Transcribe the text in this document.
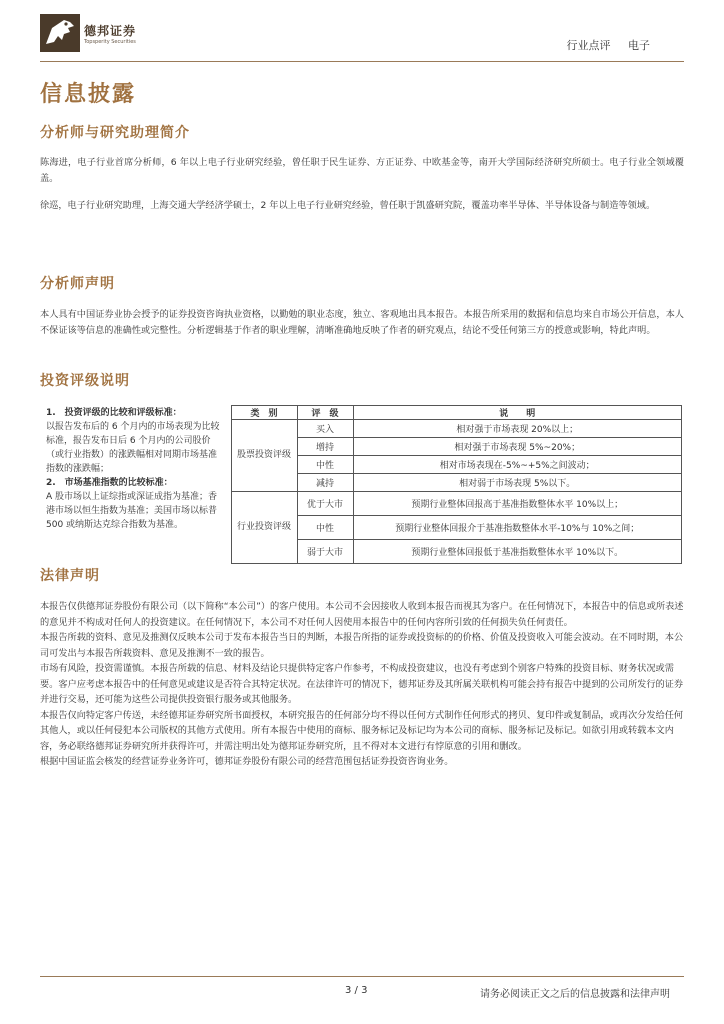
德邦证券
Topsperity Securities	行业点评 电子
信息披露
分析师与研究助理简介
陈海进，电子行业首席分析师，6 年以上电子行业研究经验，曾任职于民生证券、方正证券、中欧基金等，南开大学国际经济研究所硕士。电子行业全领域覆盖。
徐巡，电子行业研究助理，上海交通大学经济学硕士，2 年以上电子行业研究经验，曾任职于凯盛研究院，覆盖功率半导体、半导体设备与制造等领域。
分析师声明
本人具有中国证券业协会授予的证券投资咨询执业资格，以勤勉的职业态度，独立、客观地出具本报告。本报告所采用的数据和信息均来自市场公开信息，本人不保证该等信息的准确性或完整性。分析逻辑基于作者的职业理解，清晰准确地反映了作者的研究观点，结论不受任何第三方的授意或影响，特此声明。
投资评级说明
1.　投资评级的比较和评级标准：
以报告发布后的 6 个月内的市场表现为比较标准，报告发布日后 6 个月内的公司股价（或行业指数）的涨跌幅相对同期市场基准指数的涨跌幅；
2.　市场基准指数的比较标准：
A 股市场以上证综指或深证成指为基准；香港市场以恒生指数为基准；美国市场以标普 500 或纳斯达克综合指数为基准。	类　别	评　级	说　　明
	股票投资评级	买入	相对强于市场表现 20%以上；
		增持	相对强于市场表现 5%~20%；
		中性	相对市场表现在-5%~+5%之间波动；
		减持	相对弱于市场表现 5%以下。
	行业投资评级	优于大市	预期行业整体回报高于基准指数整体水平 10%以上；
		中性	预期行业整体回报介于基准指数整体水平-10%与 10%之间；
		弱于大市	预期行业整体回报低于基准指数整体水平 10%以下。
法律声明

本报告仅供德邦证券股份有限公司（以下简称“本公司”）的客户使用。本公司不会因接收人收到本报告而视其为客户。在任何情况下，本报告中的信息或所表述的意见并不构成对任何人的投资建议。在任何情况下，本公司不对任何人因使用本报告中的任何内容所引致的任何损失负任何责任。

本报告所载的资料、意见及推测仅反映本公司于发布本报告当日的判断，本报告所指的证券或投资标的的价格、价值及投资收入可能会波动。在不同时期，本公司可发出与本报告所载资料、意见及推测不一致的报告。

市场有风险，投资需谨慎。本报告所载的信息、材料及结论只提供特定客户作参考，不构成投资建议，也没有考虑到个别客户特殊的投资目标、财务状况或需要。客户应考虑本报告中的任何意见或建议是否符合其特定状况。在法律许可的情况下，德邦证券及其所属关联机构可能会持有报告中提到的公司所发行的证券并进行交易，还可能为这些公司提供投资银行服务或其他服务。

本报告仅向特定客户传送，未经德邦证券研究所书面授权，本研究报告的任何部分均不得以任何方式制作任何形式的拷贝、复印件或复制品，或再次分发给任何其他人，或以任何侵犯本公司版权的其他方式使用。所有本报告中使用的商标、服务标记及标记均为本公司的商标、服务标记及标记。如欲引用或转载本文内容，务必联络德邦证券研究所并获得许可，并需注明出处为德邦证券研究所，且不得对本文进行有悖原意的引用和删改。

根据中国证监会核发的经营证券业务许可，德邦证券股份有限公司的经营范围包括证券投资咨询业务。

3 / 3	请务必阅读正文之后的信息披露和法律声明
